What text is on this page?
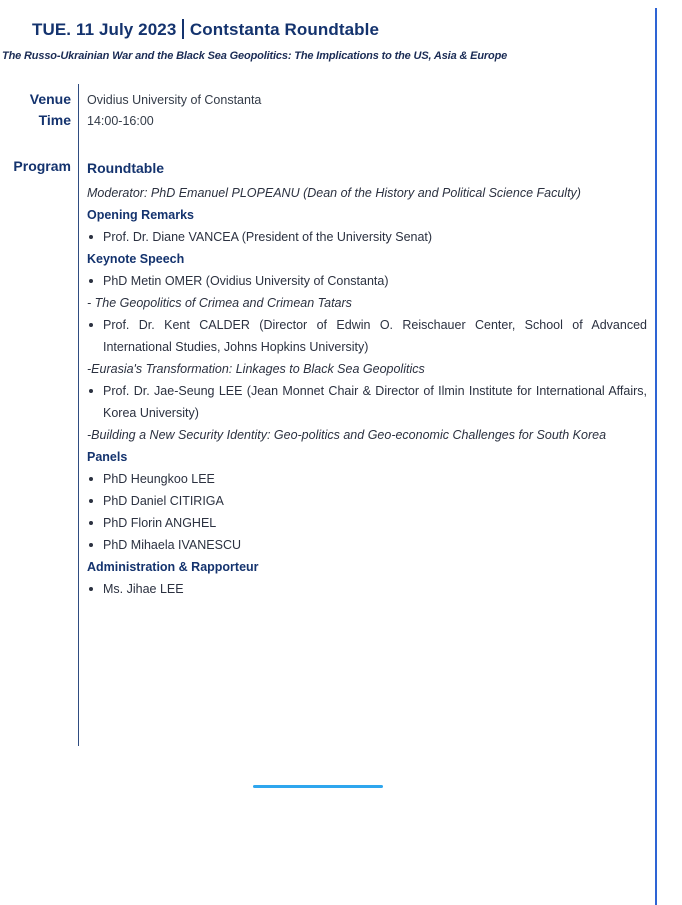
TUE. 11 July 2023 Contstanta Roundtable

The Russo-Ukrainian War and the Black Sea Geopolitics: The Implications to the US, Asia & Europe

Venue Ovidius University of Constanta
Time 14:00-16:00
Program Roundtable
Moderator: PhD Emanuel PLOPEANU (Dean of the History and Political Science Faculty)
Opening Remarks
Prof. Dr. Diane VANCEA (President of the University Senat)
Keynote Speech
PhD Metin OMER (Ovidius University of Constanta)
- The Geopolitics of Crimea and Crimean Tatars
Prof. Dr. Kent CALDER (Director of Edwin O. Reischauer Center, School of Advanced International Studies, Johns Hopkins University)
-Eurasia's Transformation: Linkages to Black Sea Geopolitics
Prof. Dr. Jae-Seung LEE (Jean Monnet Chair & Director of Ilmin Institute for International Affairs, Korea University)
-Building a New Security Identity: Geo-politics and Geo-economic Challenges for South Korea
Panels
PhD Heungkoo LEE
PhD Daniel CITIRIGA
PhD Florin ANGHEL
PhD Mihaela IVANESCU
Administration & Rapporteur
Ms. Jihae LEE
